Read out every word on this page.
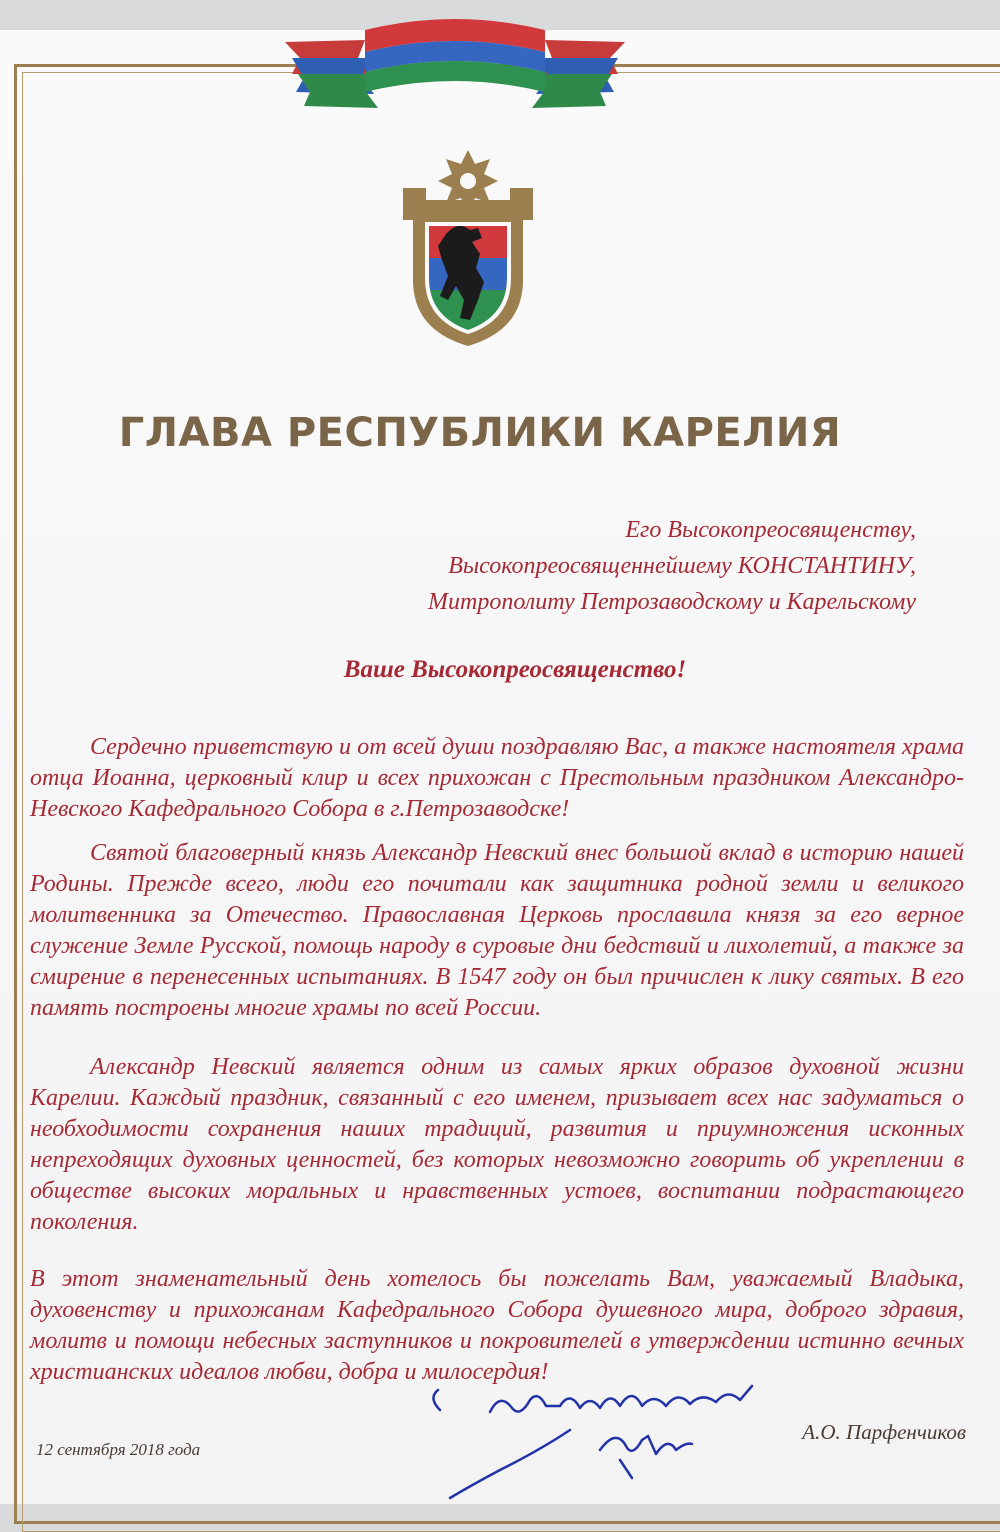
ГЛАВА РЕСПУБЛИКИ КАРЕЛИЯ
Его Высокопреосвященству,
Высокопреосвященнейшему КОНСТАНТИНУ,
Митрополиту Петрозаводскому и Карельскому
Ваше Высокопреосвященство!
Сердечно приветствую и от всей души поздравляю Вас, а также настоятеля храма отца Иоанна, церковный клир и всех прихожан с Престольным праздником Александро-Невского Кафедрального Собора в г.Петрозаводске!
Святой благоверный князь Александр Невский внес большой вклад в историю нашей Родины. Прежде всего, люди его почитали как защитника родной земли и великого молитвенника за Отечество. Православная Церковь прославила князя за его верное служение Земле Русской, помощь народу в суровые дни бедствий и лихолетий, а также за смирение в перенесенных испытаниях. В 1547 году он был причислен к лику святых. В его память построены многие храмы по всей России.
Александр Невский является одним из самых ярких образов духовной жизни Карелии. Каждый праздник, связанный с его именем, призывает всех нас задуматься о необходимости сохранения наших традиций, развития и приумножения исконных непреходящих духовных ценностей, без которых невозможно говорить об укреплении в обществе высоких моральных и нравственных устоев, воспитании подрастающего поколения.
В этот знаменательный день хотелось бы пожелать Вам, уважаемый Владыка, духовенству и прихожанам Кафедрального Собора душевного мира, доброго здравия, молитв и помощи небесных заступников и покровителей в утверждении истинно вечных христианских идеалов любви, добра и милосердия!
12 сентября 2018 года
А.О. Парфенчиков
